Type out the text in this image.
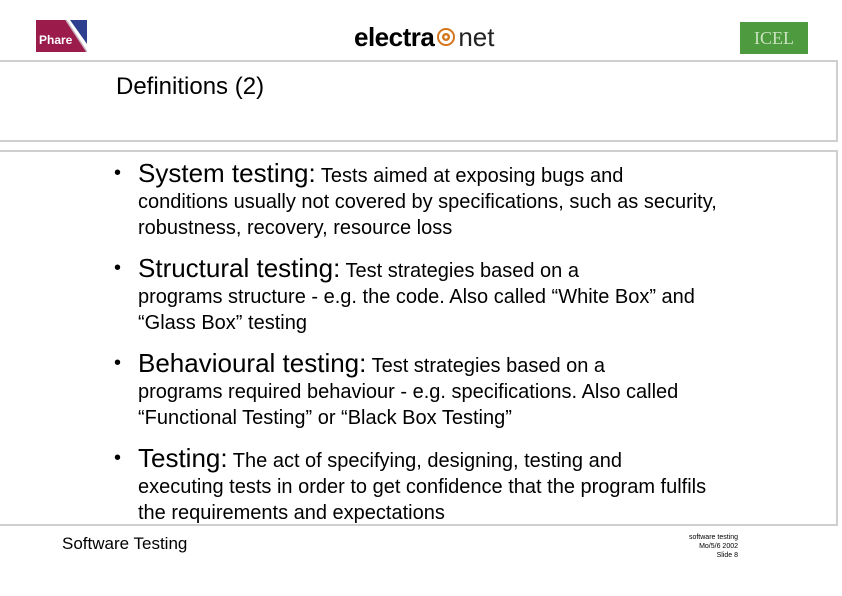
Phare	electra net	ICEL
Definitions (2)
• System testing: Tests aimed at exposing bugs and
conditions usually not covered by specifications, such as security, robustness, recovery, resource loss
• Structural testing: Test strategies based on a
programs structure - e.g. the code. Also called “White Box” and “Glass Box” testing
• Behavioural testing: Test strategies based on a
programs required behaviour - e.g. specifications. Also called “Functional Testing” or “Black Box Testing”
• Testing: The act of specifying, designing, testing and
executing tests in order to get confidence that the program fulfils the requirements and expectations
Software Testing	software testing
Mo/5/6 2002
Slide 8
